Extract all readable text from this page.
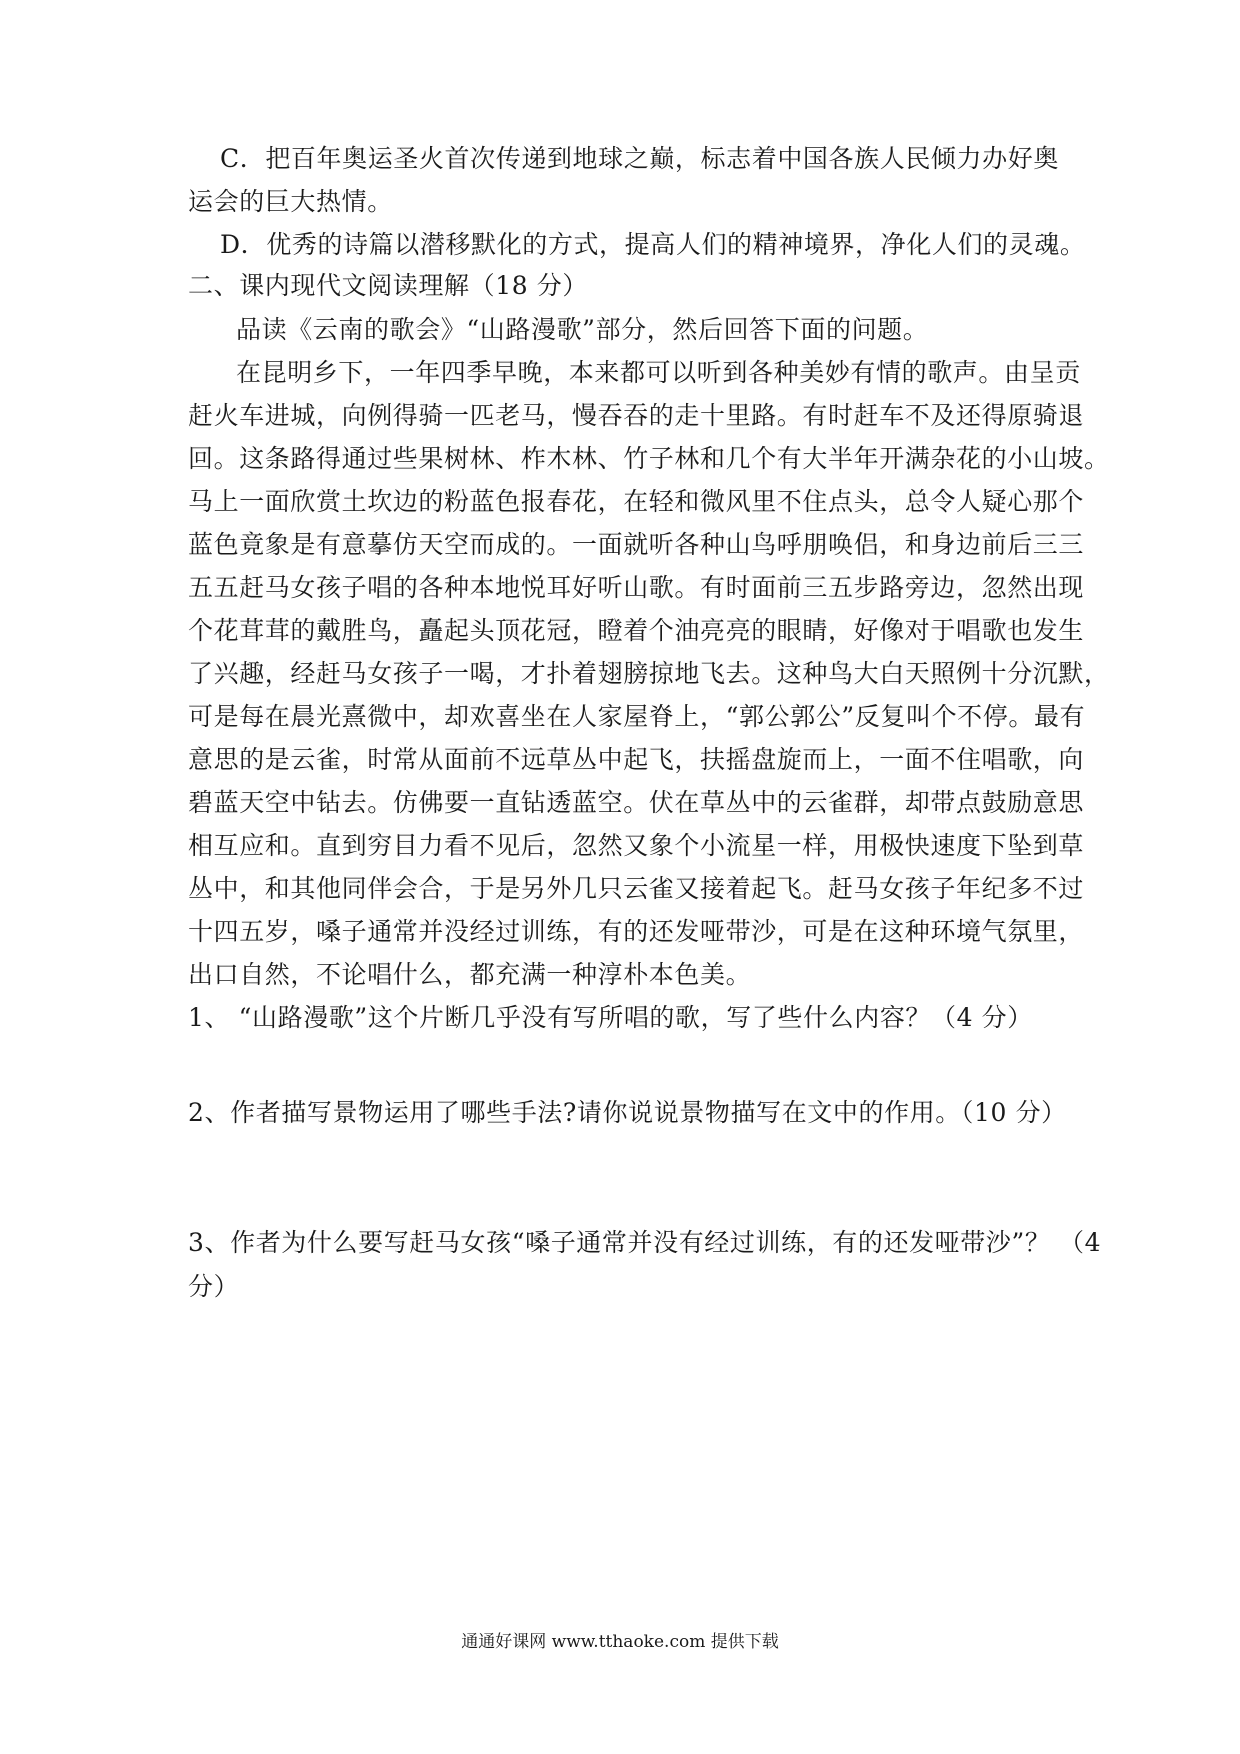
C．把百年奥运圣火首次传递到地球之巅，标志着中国各族人民倾力办好奥
运会的巨大热情。
D．优秀的诗篇以潜移默化的方式，提高人们的精神境界，净化人们的灵魂。
二、课内现代文阅读理解（18 分）
品读《云南的歌会》“山路漫歌”部分，然后回答下面的问题。
在昆明乡下，一年四季早晚，本来都可以听到各种美妙有情的歌声。由呈贡
赶火车进城，向例得骑一匹老马，慢吞吞的走十里路。有时赶车不及还得原骑退
回。这条路得通过些果树林、柞木林、竹子林和几个有大半年开满杂花的小山坡。
马上一面欣赏土坎边的粉蓝色报春花，在轻和微风里不住点头，总令人疑心那个
蓝色竟象是有意摹仿天空而成的。一面就听各种山鸟呼朋唤侣，和身边前后三三
五五赶马女孩子唱的各种本地悦耳好听山歌。有时面前三五步路旁边，忽然出现
个花茸茸的戴胜鸟，矗起头顶花冠，瞪着个油亮亮的眼睛，好像对于唱歌也发生
了兴趣，经赶马女孩子一喝，才扑着翅膀掠地飞去。这种鸟大白天照例十分沉默，
可是每在晨光熹微中，却欢喜坐在人家屋脊上，“郭公郭公”反复叫个不停。最有
意思的是云雀，时常从面前不远草丛中起飞，扶摇盘旋而上，一面不住唱歌，向
碧蓝天空中钻去。仿佛要一直钻透蓝空。伏在草丛中的云雀群，却带点鼓励意思
相互应和。直到穷目力看不见后，忽然又象个小流星一样，用极快速度下坠到草
丛中，和其他同伴会合，于是另外几只云雀又接着起飞。赶马女孩子年纪多不过
十四五岁，嗓子通常并没经过训练，有的还发哑带沙，可是在这种环境气氛里，
出口自然，不论唱什么，都充满一种淳朴本色美。
1、 “山路漫歌”这个片断几乎没有写所唱的歌，写了些什么内容？（4 分）
2、作者描写景物运用了哪些手法?请你说说景物描写在文中的作用。（10 分）
3、作者为什么要写赶马女孩“嗓子通常并没有经过训练，有的还发哑带沙”？ （4
分）
通通好课网 www.tthaoke.com 提供下载
